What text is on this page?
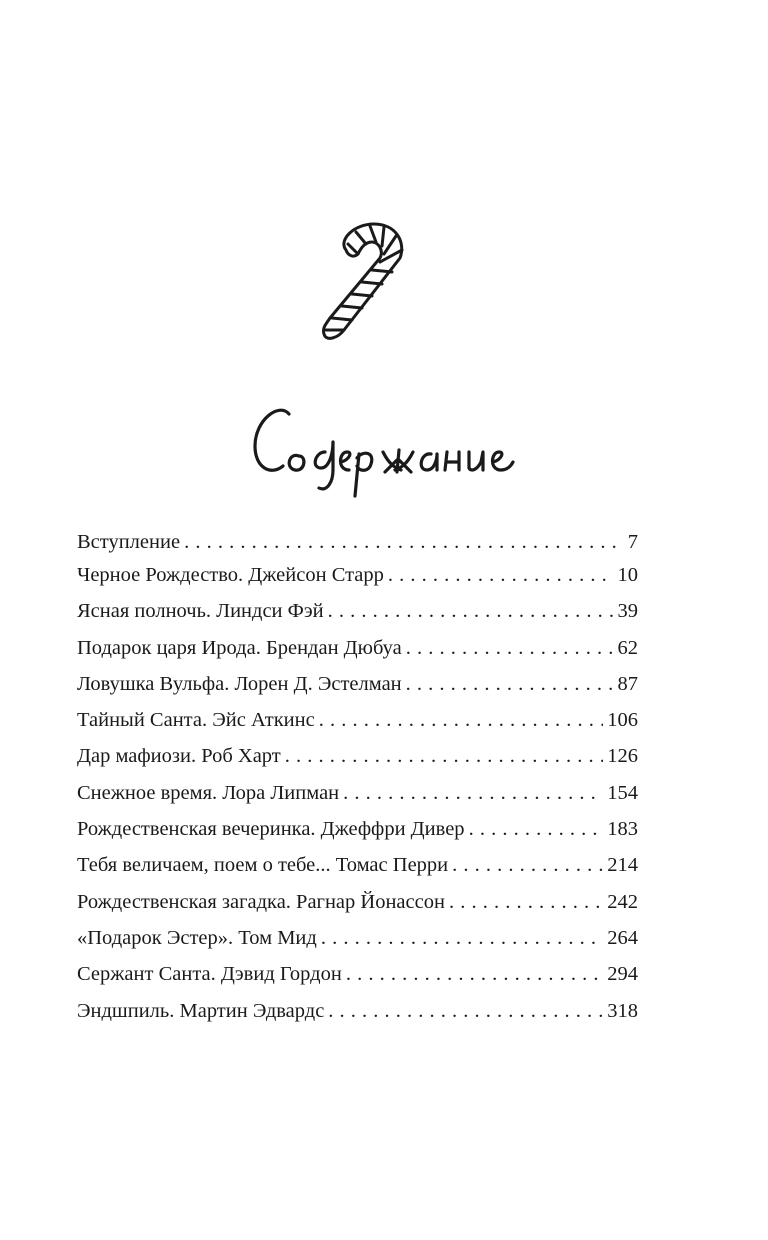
Вступление . . .	7
Черное Рождество. Джейсон Старр . . .	10
Ясная полночь. Линдси Фэй . . .	39
Подарок царя Ирода. Брендан Дюбуа . . .	62
Ловушка Вульфа. Лорен Д. Эстелман . . .	87
Тайный Санта. Эйс Аткинс . . .	106
Дар мафиози. Роб Харт . . .	126
Снежное время. Лора Липман . . .	154
Рождественская вечеринка. Джеффри Дивер . . .	183
Тебя величаем, поем о тебе... Томас Перри . . .	214
Рождественская загадка. Рагнар Йонассон . . .	242
«Подарок Эстер». Том Мид . . .	264
Сержант Санта. Дэвид Гордон . . .	294
Эндшпиль. Мартин Эдвардс . . .	318
